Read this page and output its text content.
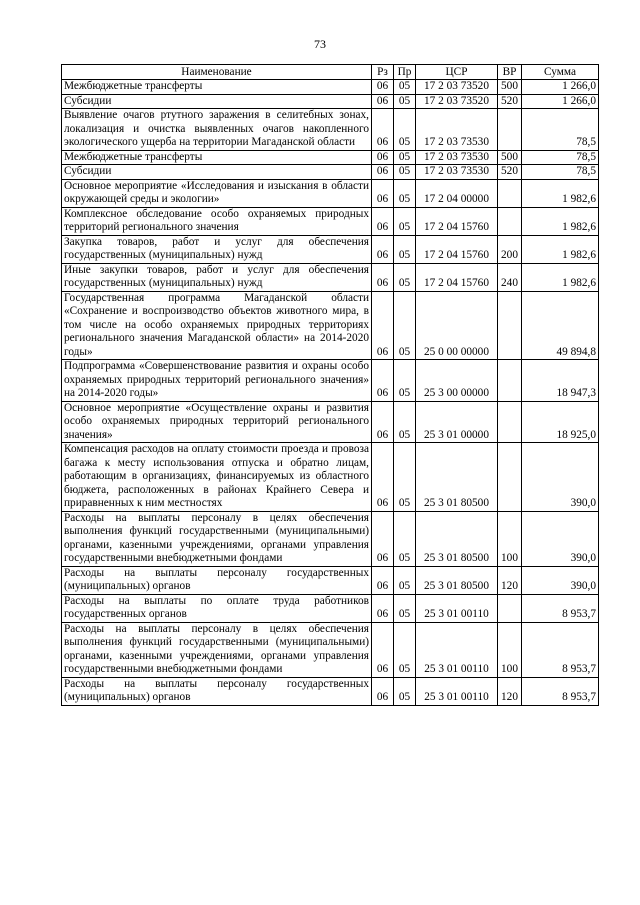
73
Наименование	Рз	Пр	ЦСР	ВР	Сумма
Межбюджетные трансферты	06	05	17 2 03 73520	500	1 266,0
Субсидии	06	05	17 2 03 73520	520	1 266,0
Выявление очагов ртутного заражения в селитебных зонах, локализация и очистка выявленных очагов накопленного экологического ущерба на территории Магаданской области	06	05	17 2 03 73530		78,5
Межбюджетные трансферты	06	05	17 2 03 73530	500	78,5
Субсидии	06	05	17 2 03 73530	520	78,5
Основное мероприятие «Исследования и изыскания в области окружающей среды и экологии»	06	05	17 2 04 00000		1 982,6
Комплексное обследование особо охраняемых природных территорий регионального значения	06	05	17 2 04 15760		1 982,6
Закупка товаров, работ и услуг для обеспечения государственных (муниципальных) нужд	06	05	17 2 04 15760	200	1 982,6
Иные закупки товаров, работ и услуг для обеспечения государственных (муниципальных) нужд	06	05	17 2 04 15760	240	1 982,6
Государственная программа Магаданской области «Сохранение и воспроизводство объектов животного мира, в том числе на особо охраняемых природных территориях регионального значения Магаданской области» на 2014-2020 годы»	06	05	25 0 00 00000		49 894,8
Подпрограмма «Совершенствование развития и охраны особо охраняемых природных территорий регионального значения» на 2014-2020 годы»	06	05	25 3 00 00000		18 947,3
Основное мероприятие «Осуществление охраны и развития особо охраняемых природных территорий регионального значения»	06	05	25 3 01 00000		18 925,0
Компенсация расходов на оплату стоимости проезда и провоза багажа к месту использования отпуска и обратно лицам, работающим в организациях, финансируемых из областного бюджета, расположенных в районах Крайнего Севера и приравненных к ним местностях	06	05	25 3 01 80500		390,0
Расходы на выплаты персоналу в целях обеспечения выполнения функций государственными (муниципальными) органами, казенными учреждениями, органами управления государственными внебюджетными фондами	06	05	25 3 01 80500	100	390,0
Расходы на выплаты персоналу государственных (муниципальных) органов	06	05	25 3 01 80500	120	390,0
Расходы на выплаты по оплате труда работников государственных органов	06	05	25 3 01 00110		8 953,7
Расходы на выплаты персоналу в целях обеспечения выполнения функций государственными (муниципальными) органами, казенными учреждениями, органами управления государственными внебюджетными фондами	06	05	25 3 01 00110	100	8 953,7
Расходы на выплаты персоналу государственных (муниципальных) органов	06	05	25 3 01 00110	120	8 953,7
